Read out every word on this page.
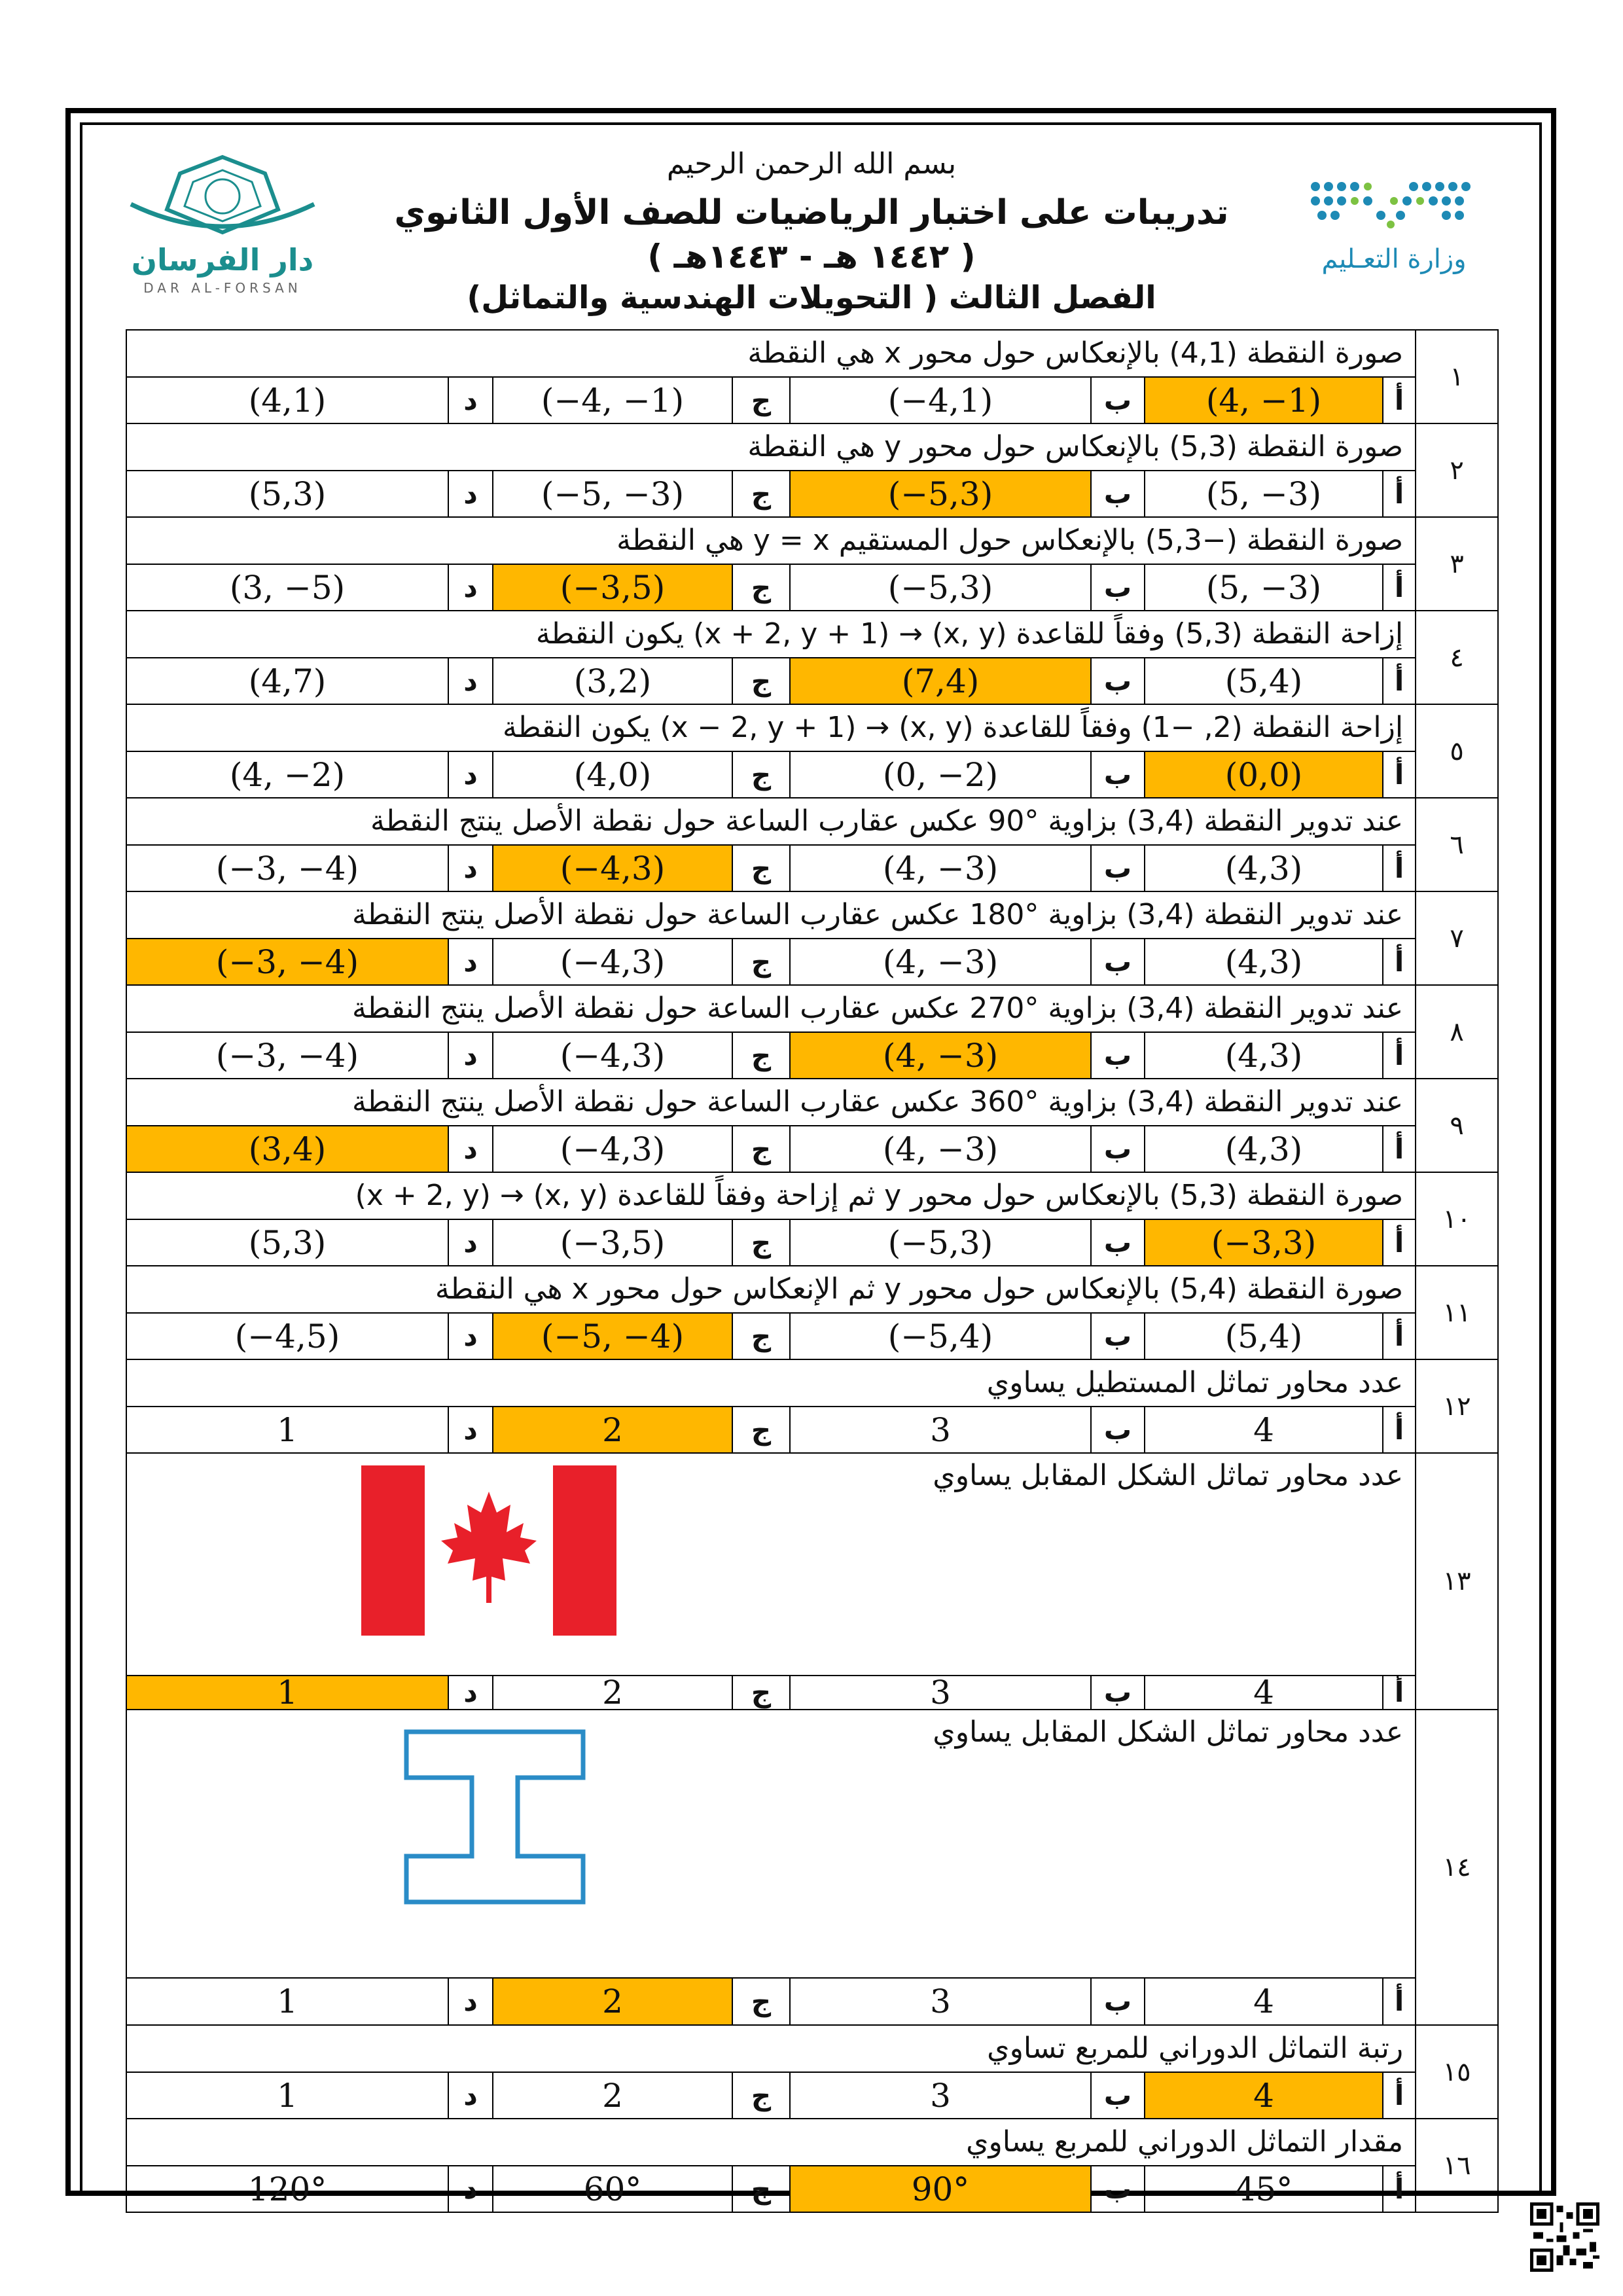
دار الفرسان
DAR AL-FORSAN
بسم الله الرحمن الرحيم
تدريبات على اختبار الرياضيات للصف الأول الثانوي
( ١٤٤٢ هـ - ١٤٤٣هـ )
الفصل الثالث ( التحويلات الهندسية والتماثل)
وزارة التعـليم
صورة النقطة (4,1) بالإنعكاس حول محور x هي النقطة								١
(4,1)	د	(−4, −1)	ج	(−4,1)	ب	(4, −1)	أ	
صورة النقطة (5,3) بالإنعكاس حول محور y هي النقطة								٢
(5,3)	د	(−5, −3)	ج	(−5,3)	ب	(5, −3)	أ	
صورة النقطة (−5,3) بالإنعكاس حول المستقيم y = x هي النقطة								٣
(3, −5)	د	(−3,5)	ج	(−5,3)	ب	(5, −3)	أ	
إزاحة النقطة (5,3) وفقاً للقاعدة (x, y) → (x + 2, y + 1) يكون النقطة								٤
(4,7)	د	(3,2)	ج	(7,4)	ب	(5,4)	أ	
إزاحة النقطة (2, −1) وفقاً للقاعدة (x, y) → (x − 2, y + 1) يكون النقطة								٥
(4, −2)	د	(4,0)	ج	(0, −2)	ب	(0,0)	أ	
عند تدوير النقطة (3,4) بزاوية °90 عكس عقارب الساعة حول نقطة الأصل ينتج النقطة								٦
(−3, −4)	د	(−4,3)	ج	(4, −3)	ب	(4,3)	أ	
عند تدوير النقطة (3,4) بزاوية °180 عكس عقارب الساعة حول نقطة الأصل ينتج النقطة								٧
(−3, −4)	د	(−4,3)	ج	(4, −3)	ب	(4,3)	أ	
عند تدوير النقطة (3,4) بزاوية °270 عكس عقارب الساعة حول نقطة الأصل ينتج النقطة								٨
(−3, −4)	د	(−4,3)	ج	(4, −3)	ب	(4,3)	أ	
عند تدوير النقطة (3,4) بزاوية °360 عكس عقارب الساعة حول نقطة الأصل ينتج النقطة								٩
(3,4)	د	(−4,3)	ج	(4, −3)	ب	(4,3)	أ	
صورة النقطة (5,3) بالإنعكاس حول محور y ثم إزاحة وفقاً للقاعدة (x, y) → (x + 2, y)								١٠
(5,3)	د	(−3,5)	ج	(−5,3)	ب	(−3,3)	أ	
صورة النقطة (5,4) بالإنعكاس حول محور y ثم الإنعكاس حول محور x هي النقطة								١١
(−4,5)	د	(−5, −4)	ج	(−5,4)	ب	(5,4)	أ	
عدد محاور تماثل المستطيل يساوي								١٢
1	د	2	ج	3	ب	4	أ	

عدد محاور تماثل الشكل المقابل يساوي								١٣
1	د	2	ج	3	ب	4	أ	

عدد محاور تماثل الشكل المقابل يساوي								١٤
1	د	2	ج	3	ب	4	أ	
رتبة التماثل الدوراني للمربع تساوي								١٥
1	د	2	ج	3	ب	4	أ	
مقدار التماثل الدوراني للمربع يساوي								١٦
120°	د	60°	ج	90°	ب	45°	أ	
